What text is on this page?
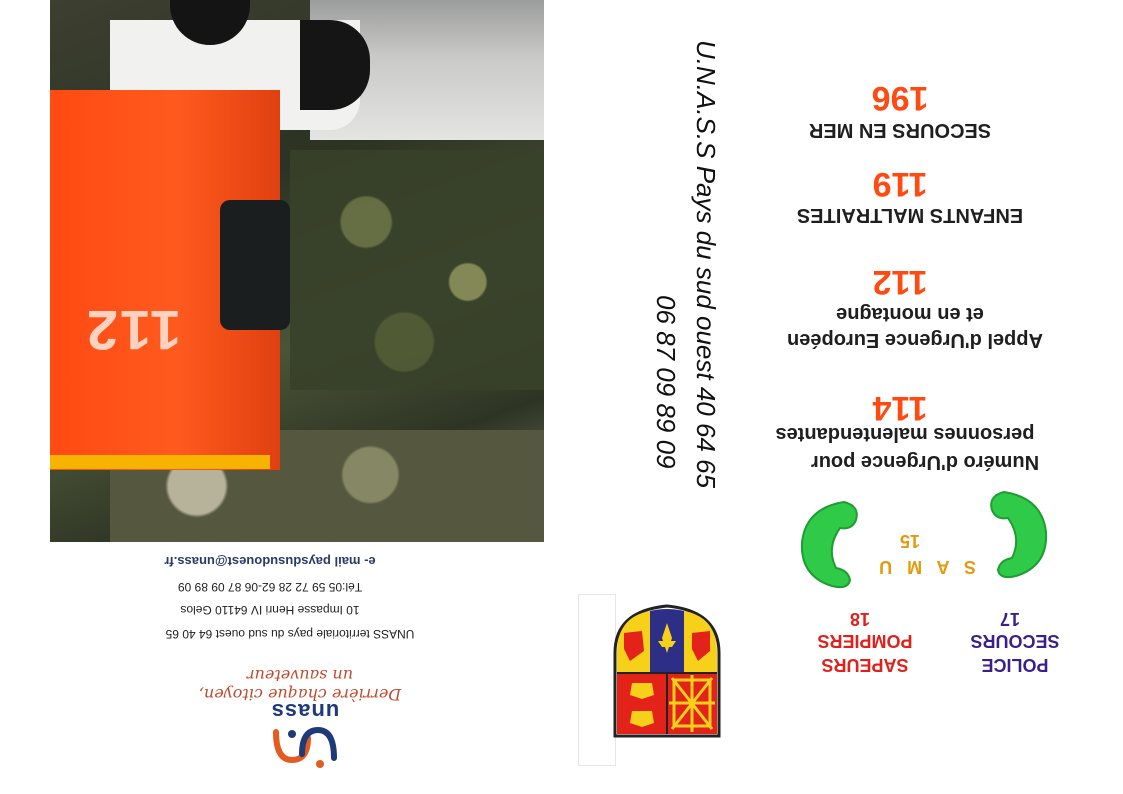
112
e- mail paysdusudouest@unass.fr
Tél:05 59 72 28 62-06 87 09 89 09
10 Impasse Henri IV 64110 Gelos
UNASS territoriale pays du sud ouest 64 40 65
Derrière chaque citoyen, un sauveteur
unass
U.N.A.S.S Pays du sud ouest 40 64 65
06 87 09 89 09
196
SECOURS EN MER
119
ENFANTS MALTRAITES
112
et en montagne
Appel d'Urgence Européen
114
personnes malentendantes
Numéro d'Urgence pour
15
S A M U
18
POMPIERS
SAPEURS
17
SECOURS
POLICE
